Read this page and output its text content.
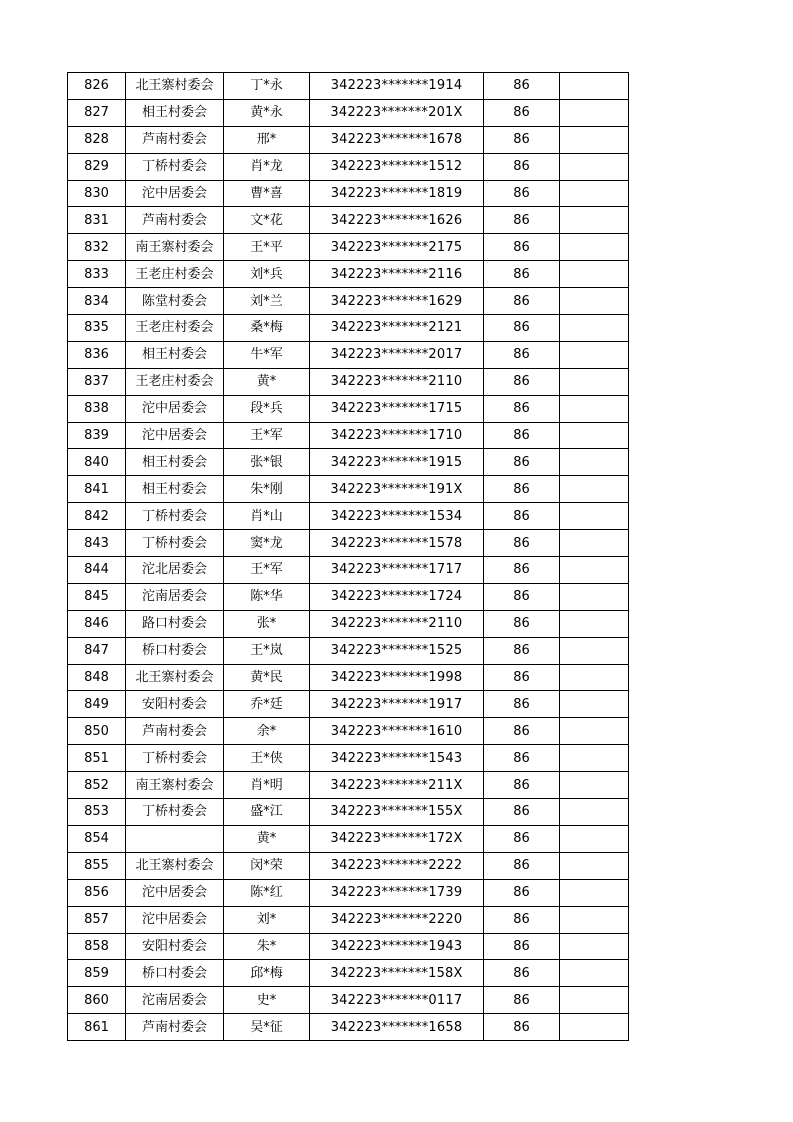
826	北王寨村委会	丁*永	342223*******1914	86	
827	相王村委会	黄*永	342223*******201X	86	
828	芦南村委会	邢*	342223*******1678	86	
829	丁桥村委会	肖*龙	342223*******1512	86	
830	沱中居委会	曹*喜	342223*******1819	86	
831	芦南村委会	文*花	342223*******1626	86	
832	南王寨村委会	王*平	342223*******2175	86	
833	王老庄村委会	刘*兵	342223*******2116	86	
834	陈堂村委会	刘*兰	342223*******1629	86	
835	王老庄村委会	桑*梅	342223*******2121	86	
836	相王村委会	牛*军	342223*******2017	86	
837	王老庄村委会	黄*	342223*******2110	86	
838	沱中居委会	段*兵	342223*******1715	86	
839	沱中居委会	王*军	342223*******1710	86	
840	相王村委会	张*银	342223*******1915	86	
841	相王村委会	朱*刚	342223*******191X	86	
842	丁桥村委会	肖*山	342223*******1534	86	
843	丁桥村委会	窦*龙	342223*******1578	86	
844	沱北居委会	王*军	342223*******1717	86	
845	沱南居委会	陈*华	342223*******1724	86	
846	路口村委会	张*	342223*******2110	86	
847	桥口村委会	王*岚	342223*******1525	86	
848	北王寨村委会	黄*民	342223*******1998	86	
849	安阳村委会	乔*廷	342223*******1917	86	
850	芦南村委会	余*	342223*******1610	86	
851	丁桥村委会	王*侠	342223*******1543	86	
852	南王寨村委会	肖*明	342223*******211X	86	
853	丁桥村委会	盛*江	342223*******155X	86	
854		黄*	342223*******172X	86	
855	北王寨村委会	闵*荣	342223*******2222	86	
856	沱中居委会	陈*红	342223*******1739	86	
857	沱中居委会	刘*	342223*******2220	86	
858	安阳村委会	朱*	342223*******1943	86	
859	桥口村委会	邱*梅	342223*******158X	86	
860	沱南居委会	史*	342223*******0117	86	
861	芦南村委会	吴*征	342223*******1658	86	
